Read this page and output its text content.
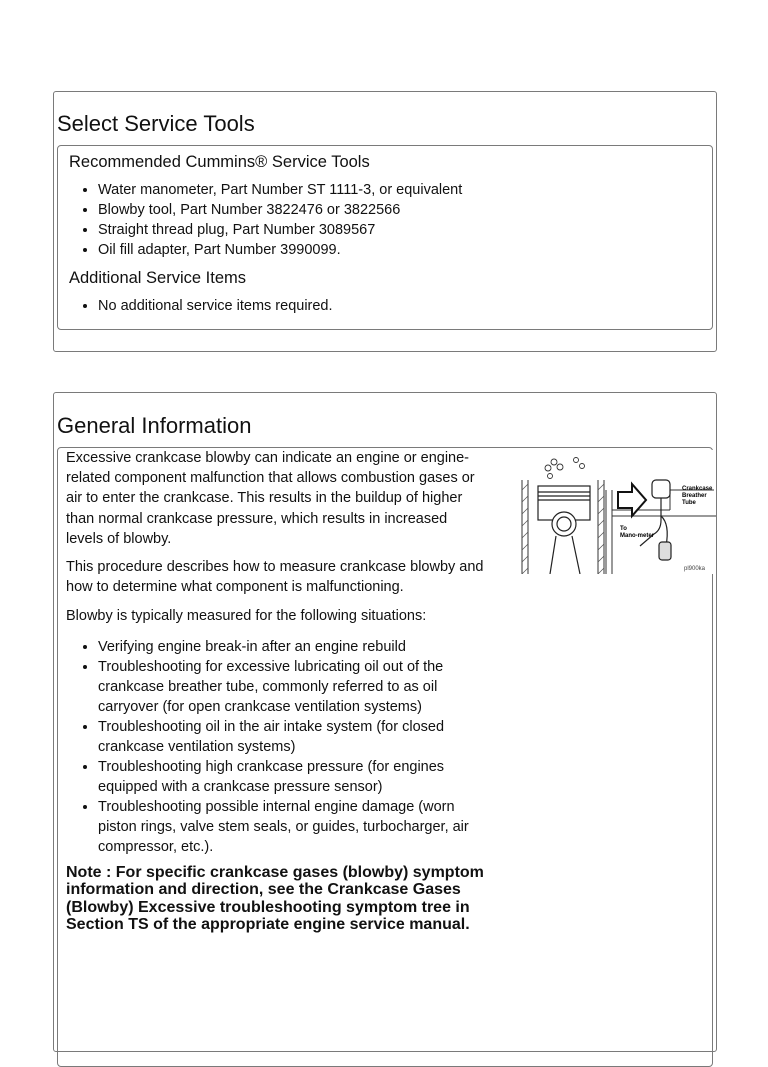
Select Service Tools
Recommended Cummins® Service Tools
• Water manometer, Part Number ST 1111-3, or equivalent
• Blowby tool, Part Number 3822476 or 3822566
• Straight thread plug, Part Number 3089567
• Oil fill adapter, Part Number 3990099.
Additional Service Items
• No additional service items required.
General Information

Excessive crankcase blowby can indicate an engine or engine-related component malfunction that allows combustion gases or air to enter the crankcase. This results in the buildup of higher than normal crankcase pressure, which results in increased levels of blowby.

This procedure describes how to measure crankcase blowby and how to determine what component is malfunctioning.

Blowby is typically measured for the following situations:

• Verifying engine break-in after an engine rebuild
• Troubleshooting for excessive lubricating oil out of the crankcase breather tube, commonly referred to as oil carryover (for open crankcase ventilation systems)
• Troubleshooting oil in the air intake system (for closed crankcase ventilation systems)
• Troubleshooting high crankcase pressure (for engines equipped with a crankcase pressure sensor)
• Troubleshooting possible internal engine damage (worn piston rings, valve stem seals, or guides, turbocharger, air compressor, etc.).

Note : For specific crankcase gases (blowby) symptom information and direction, see the Crankcase Gases (Blowby) Excessive troubleshooting symptom tree in Section TS of the appropriate engine service manual.

Crankcase
Breather
Tube
To
Mano-meter
pl900ka
